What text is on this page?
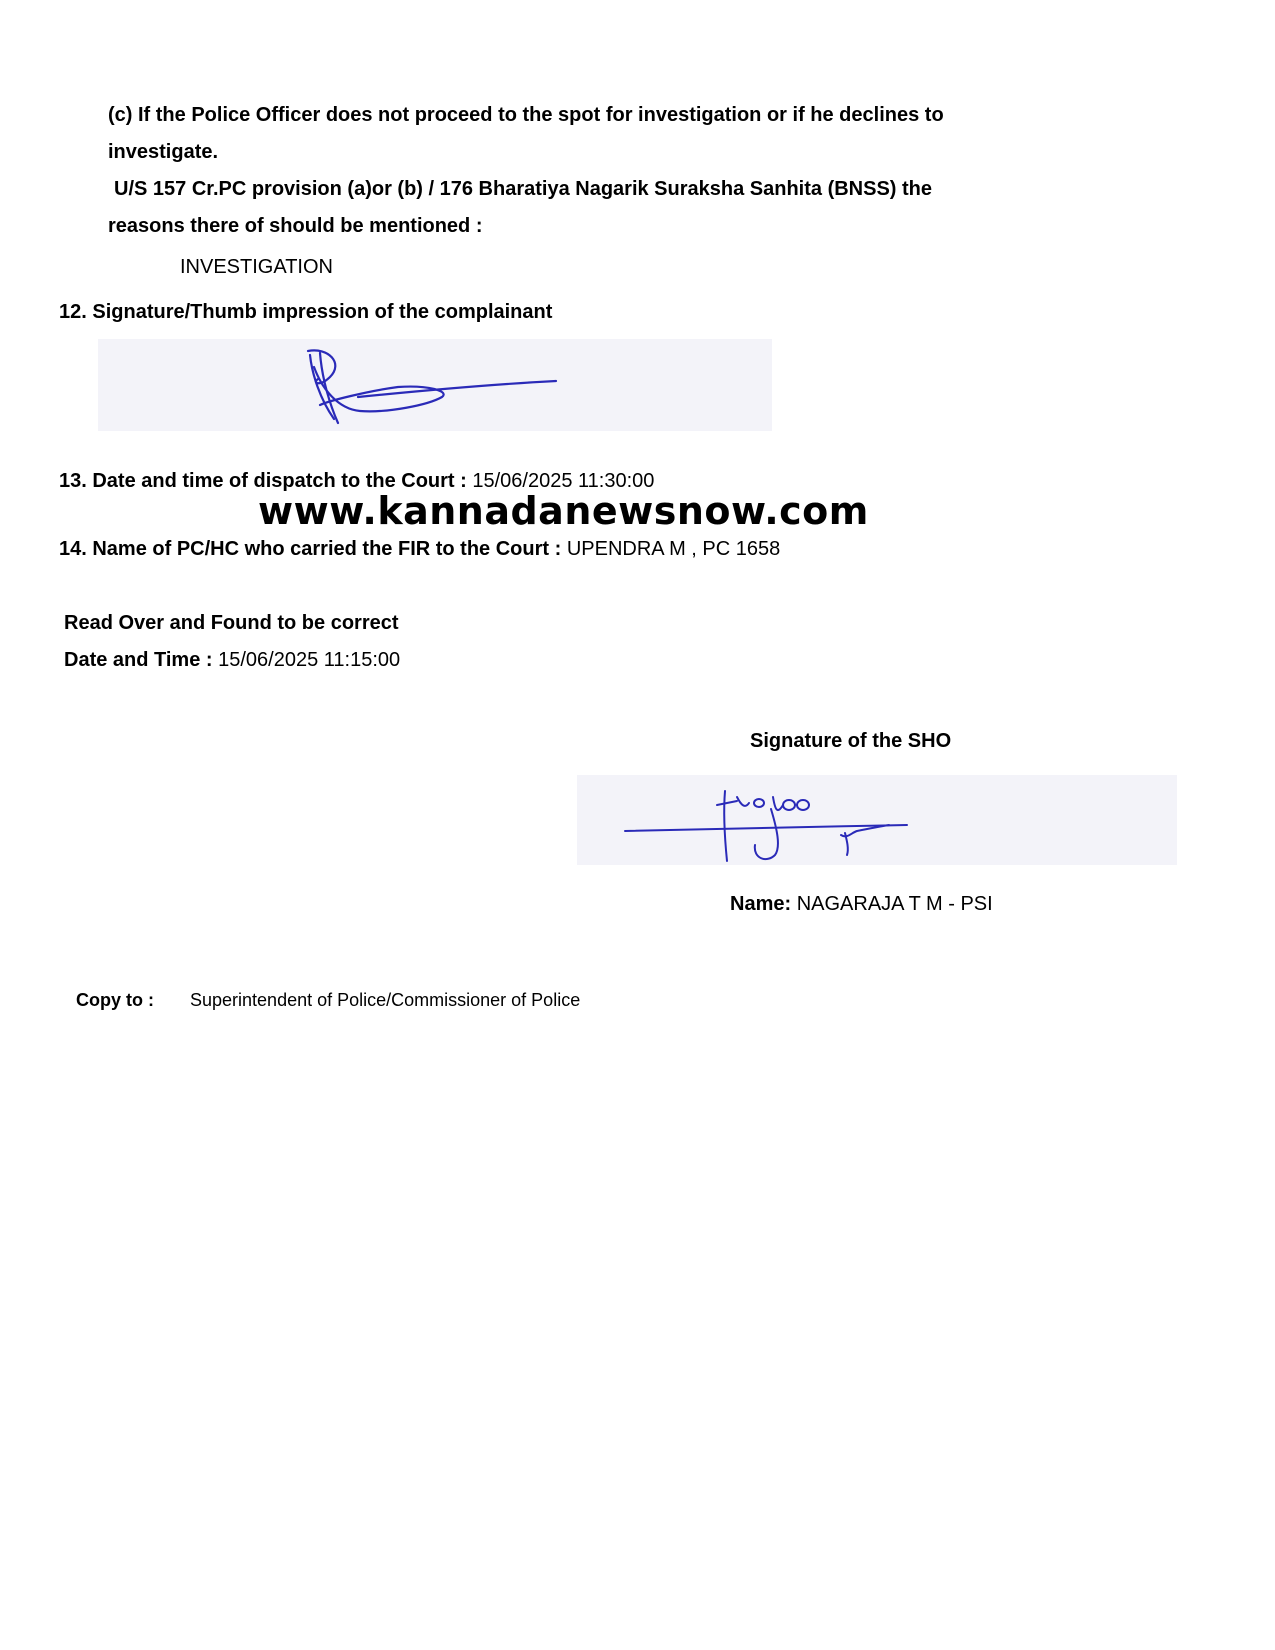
(c) If the Police Officer does not proceed to the spot for investigation or if he declines to
investigate.
U/S 157 Cr.PC provision (a)or (b) / 176 Bharatiya Nagarik Suraksha Sanhita (BNSS) the
reasons there of should be mentioned :
INVESTIGATION
12. Signature/Thumb impression of the complainant
13. Date and time of dispatch to the Court : 15/06/2025 11:30:00
www.kannadanewsnow.com
14. Name of PC/HC who carried the FIR to the Court : UPENDRA M , PC 1658
Read Over and Found to be correct
Date and Time : 15/06/2025 11:15:00
Signature of the SHO
Name: NAGARAJA T M - PSI
Copy to : Superintendent of Police/Commissioner of Police
